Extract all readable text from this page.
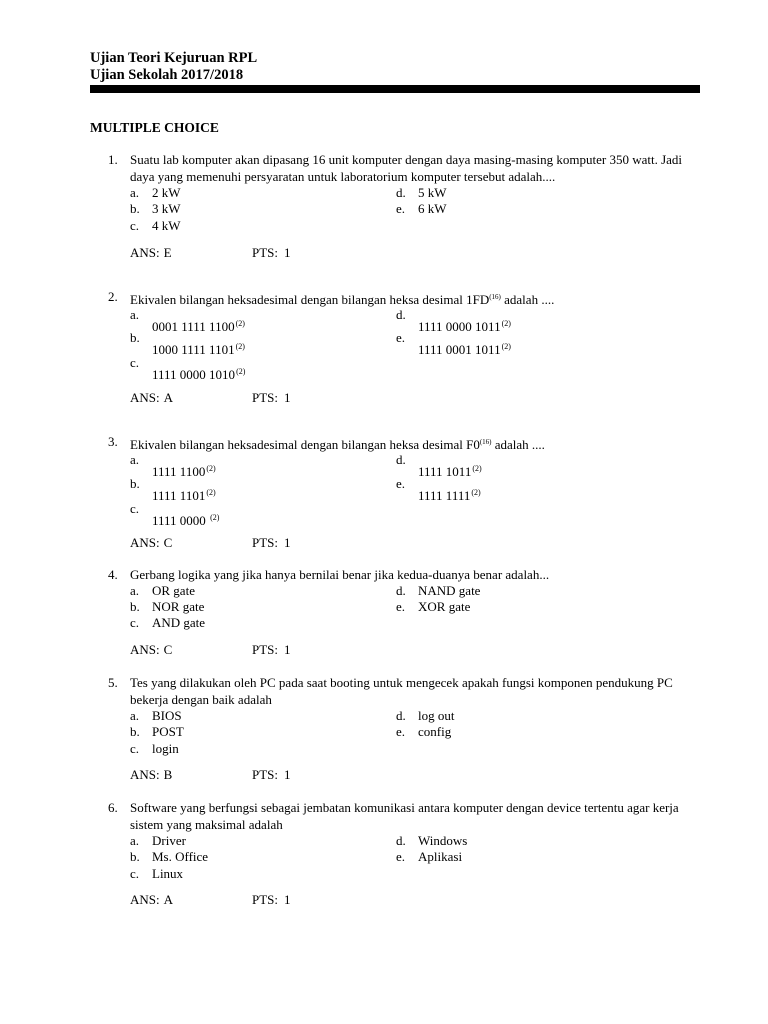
Ujian Teori Kejuruan RPL
Ujian Sekolah 2017/2018
MULTIPLE CHOICE
1. Suatu lab komputer akan dipasang 16 unit komputer dengan daya masing-masing komputer 350 watt. Jadi daya yang memenuhi persyaratan untuk laboratorium komputer tersebut adalah....
a. 2 kW
b. 3 kW
c. 4 kW
d. 5 kW
e. 6 kW
ANS: E	PTS: 1
2. Ekivalen bilangan heksadesimal dengan bilangan heksa desimal 1FD$^{(16)}$ adalah ....
a.
0001 1111 1100$^{(2)}$
b.
1000 1111 1101$^{(2)}$
c.
1111 0000 1010$^{(2)}$
d.
1111 0000 1011$^{(2)}$
e.
1111 0001 1011$^{(2)}$
ANS: A	PTS: 1
3. Ekivalen bilangan heksadesimal dengan bilangan heksa desimal F0$^{(16)}$ adalah ....
a.
1111 1100$^{(2)}$
b.
1111 1101$^{(2)}$
c.
1111 0000 $^{(2)}$
d.
1111 1011$^{(2)}$
e.
1111 1111$^{(2)}$
ANS: C	PTS: 1
4. Gerbang logika yang jika hanya bernilai benar jika kedua-duanya benar adalah...
a. OR gate
b. NOR gate
c. AND gate
d. NAND gate
e. XOR gate
ANS: C	PTS: 1
5. Tes yang dilakukan oleh PC pada saat booting untuk mengecek apakah fungsi komponen pendukung PC bekerja dengan baik adalah
a. BIOS
b. POST
c. login
d. log out
e. config
ANS: B	PTS: 1
6. Software yang berfungsi sebagai jembatan komunikasi antara komputer dengan device tertentu agar kerja sistem yang maksimal adalah
a. Driver
b. Ms. Office
c. Linux
d. Windows
e. Aplikasi
ANS: A	PTS: 1
